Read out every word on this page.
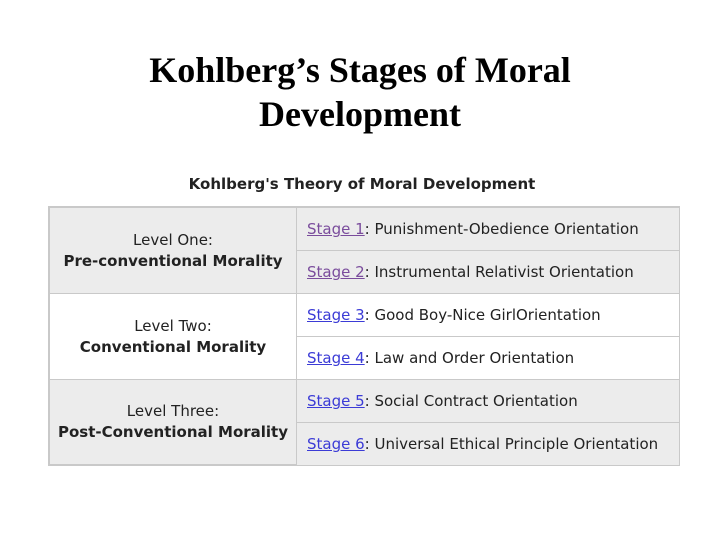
Kohlberg’s Stages of Moral
Development
Kohlberg's Theory of Moral Development
Level One:
Pre-conventional Morality	Stage 1: Punishment-Obedience Orientation
	Stage 2: Instrumental Relativist Orientation

Level Two:
Conventional Morality	Stage 3: Good Boy-Nice GirlOrientation
	Stage 4: Law and Order Orientation

Level Three:
Post-Conventional Morality	Stage 5: Social Contract Orientation
	Stage 6: Universal Ethical Principle Orientation
